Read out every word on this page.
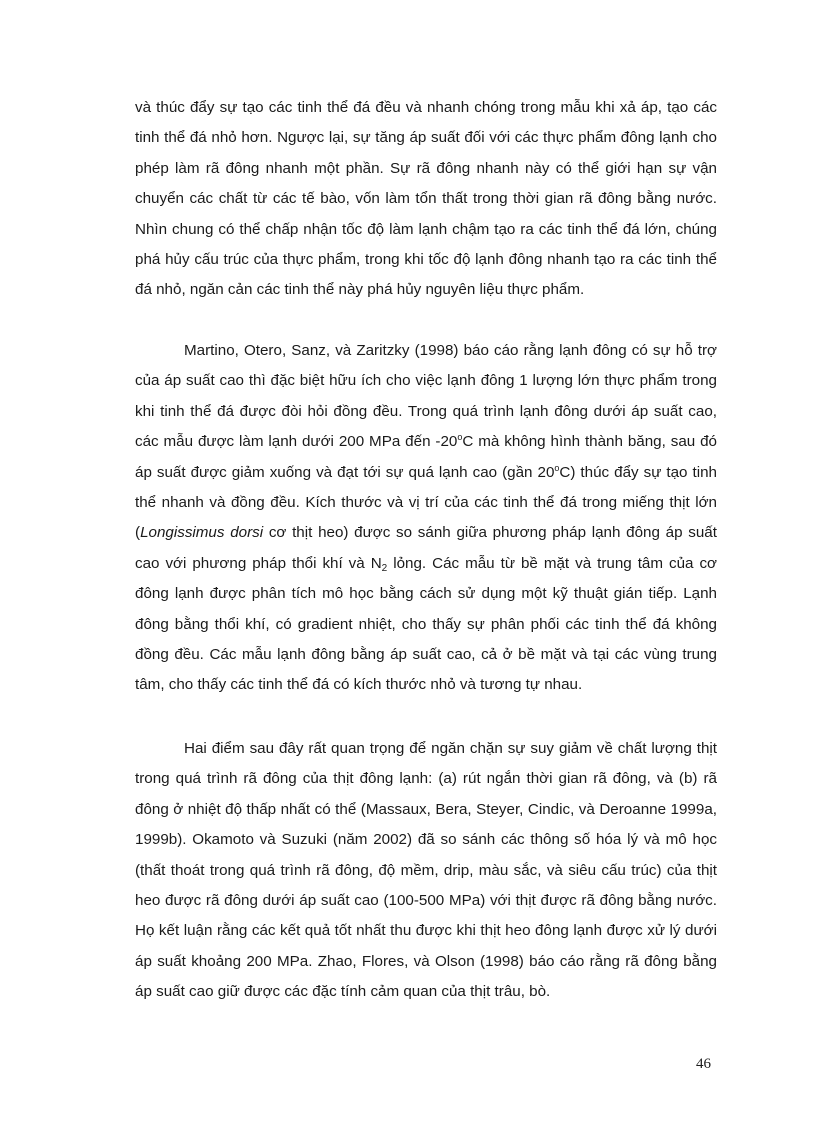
và thúc đẩy sự tạo các tinh thể đá đều và nhanh chóng trong mẫu khi xả áp, tạo các tinh thể đá nhỏ hơn. Ngược lại, sự tăng áp suất đối với các thực phẩm đông lạnh cho phép làm rã đông nhanh một phần. Sự rã đông nhanh này có thể giới hạn sự vận chuyển các chất từ các tế bào, vốn làm tổn thất trong thời gian rã đông bằng nước. Nhìn chung có thể chấp nhận tốc độ làm lạnh chậm tạo ra các tinh thể đá lớn, chúng phá hủy cấu trúc của thực phẩm, trong khi tốc độ lạnh đông nhanh tạo ra các tinh thể đá nhỏ, ngăn cản các tinh thể này phá hủy nguyên liệu thực phẩm.

Martino, Otero, Sanz, và Zaritzky (1998) báo cáo rằng lạnh đông có sự hỗ trợ của áp suất cao thì đặc biệt hữu ích cho việc lạnh đông 1 lượng lớn thực phẩm trong khi tinh thể đá được đòi hỏi đồng đều. Trong quá trình lạnh đông dưới áp suất cao, các mẫu được làm lạnh dưới 200 MPa đến -20$^o$C mà không hình thành băng, sau đó áp suất được giảm xuống và đạt tới sự quá lạnh cao (gần 20$^o$C) thúc đẩy sự tạo tinh thể nhanh và đồng đều. Kích thước và vị trí của các tinh thể đá trong miếng thịt lớn (Longissimus dorsi cơ thịt heo) được so sánh giữa phương pháp lạnh đông áp suất cao với phương pháp thổi khí và $N_2$ lỏng. Các mẫu từ bề mặt và trung tâm của cơ đông lạnh được phân tích mô học bằng cách sử dụng một kỹ thuật gián tiếp. Lạnh đông bằng thổi khí, có gradient nhiệt, cho thấy sự phân phối các tinh thể đá không đồng đều. Các mẫu lạnh đông bằng áp suất cao, cả ở bề mặt và tại các vùng trung tâm, cho thấy các tinh thể đá có kích thước nhỏ và tương tự nhau.

Hai điểm sau đây rất quan trọng để ngăn chặn sự suy giảm về chất lượng thịt trong quá trình rã đông của thịt đông lạnh: (a) rút ngắn thời gian rã đông, và (b) rã đông ở nhiệt độ thấp nhất có thể (Massaux, Bera, Steyer, Cindic, và Deroanne 1999a, 1999b). Okamoto và Suzuki (năm 2002) đã so sánh các thông số hóa lý và mô học (thất thoát trong quá trình rã đông, độ mềm, drip, màu sắc, và siêu cấu trúc) của thịt heo được rã đông dưới áp suất cao (100-500 MPa) với thịt được rã đông bằng nước. Họ kết luận rằng các kết quả tốt nhất thu được khi thịt heo đông lạnh được xử lý dưới áp suất khoảng 200 MPa. Zhao, Flores, và Olson (1998) báo cáo rằng rã đông bằng áp suất cao giữ được các đặc tính cảm quan của thịt trâu, bò.

46
